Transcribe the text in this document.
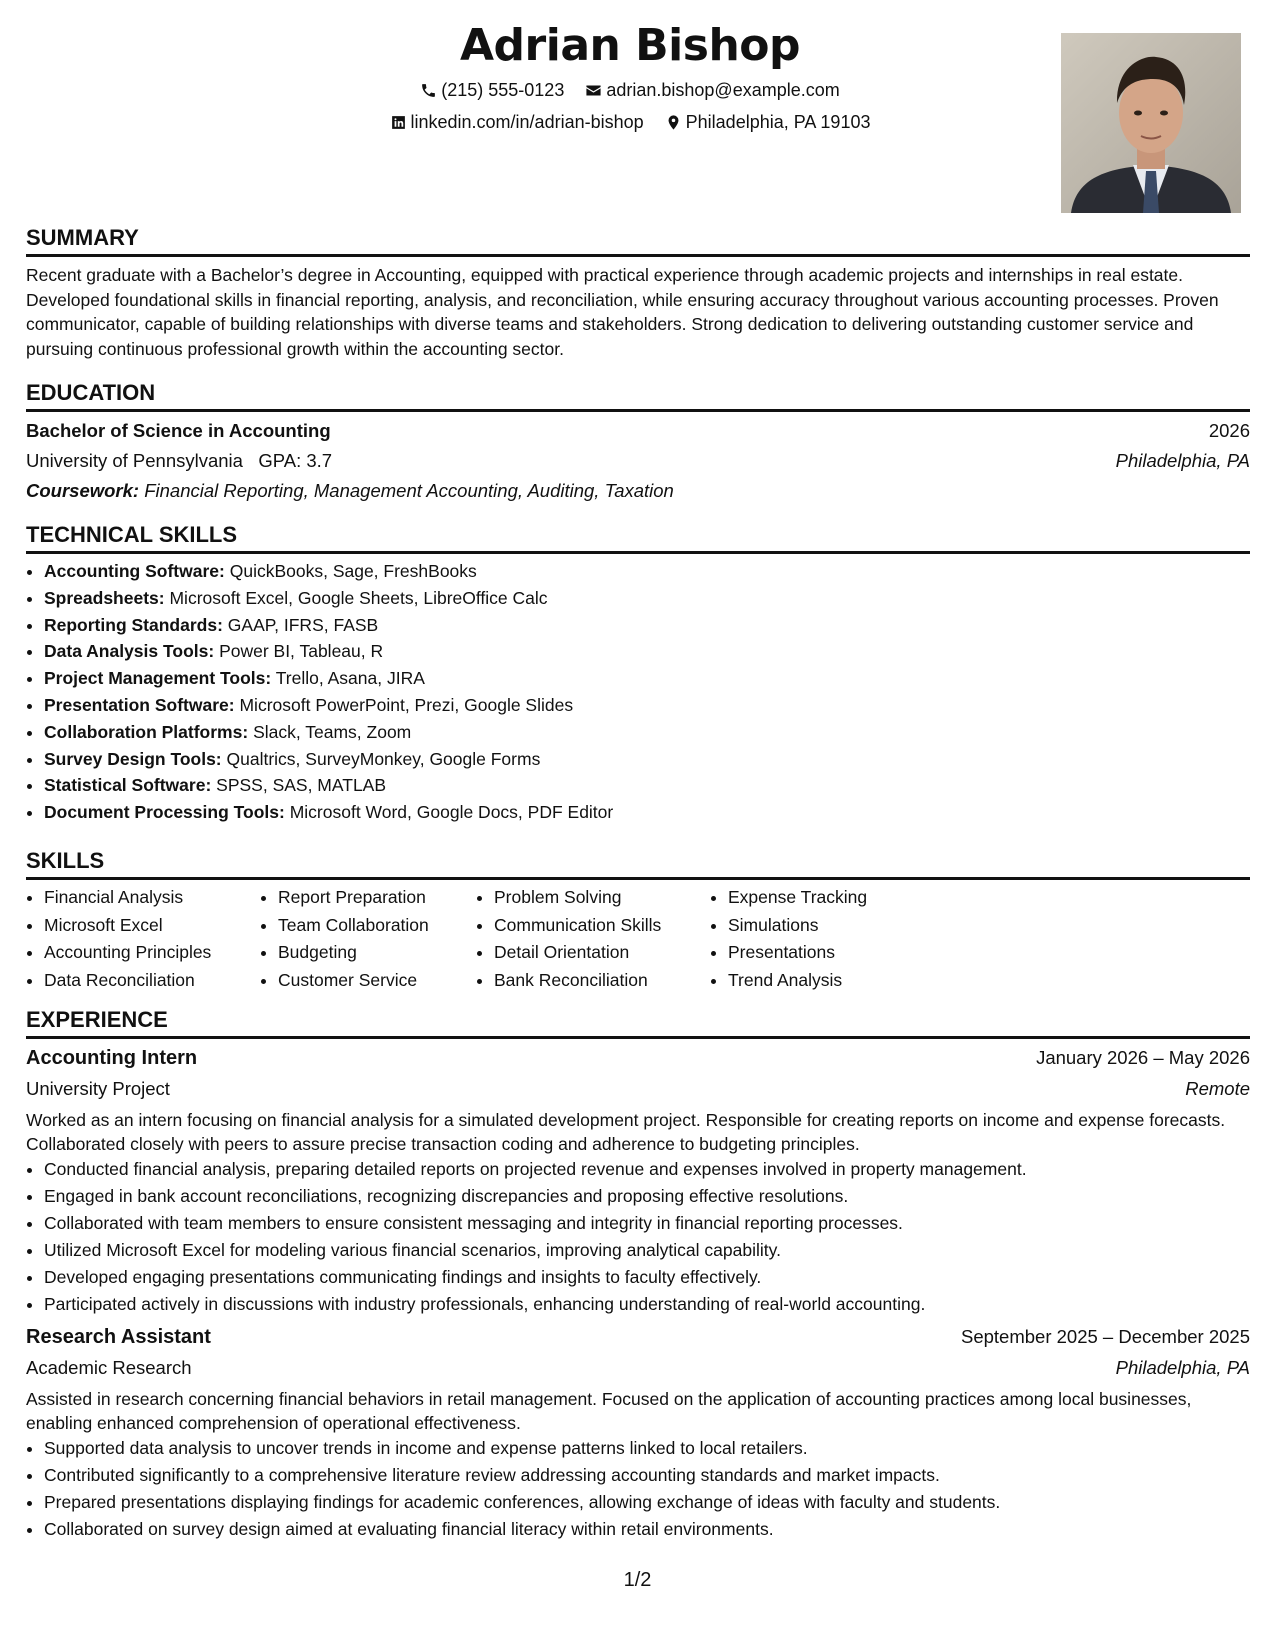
Adrian Bishop
(215) 555-0123
adrian.bishop@example.com
linkedin.com/in/adrian-bishop
Philadelphia, PA 19103
SUMMARY
Recent graduate with a Bachelor’s degree in Accounting, equipped with practical experience through academic projects and internships in real estate. Developed foundational skills in financial reporting, analysis, and reconciliation, while ensuring accuracy throughout various accounting processes. Proven communicator, capable of building relationships with diverse teams and stakeholders. Strong dedication to delivering outstanding customer service and pursuing continuous professional growth within the accounting sector.
EDUCATION
Bachelor of Science in Accounting	2026
University of Pennsylvania GPA: 3.7	Philadelphia, PA
Coursework: Financial Reporting, Management Accounting, Auditing, Taxation
TECHNICAL SKILLS
• Accounting Software: QuickBooks, Sage, FreshBooks
• Spreadsheets: Microsoft Excel, Google Sheets, LibreOffice Calc
• Reporting Standards: GAAP, IFRS, FASB
• Data Analysis Tools: Power BI, Tableau, R
• Project Management Tools: Trello, Asana, JIRA
• Presentation Software: Microsoft PowerPoint, Prezi, Google Slides
• Collaboration Platforms: Slack, Teams, Zoom
• Survey Design Tools: Qualtrics, SurveyMonkey, Google Forms
• Statistical Software: SPSS, SAS, MATLAB
• Document Processing Tools: Microsoft Word, Google Docs, PDF Editor
SKILLS
• Financial Analysis
• Microsoft Excel
• Accounting Principles
• Data Reconciliation
• Report Preparation
• Team Collaboration
• Budgeting
• Customer Service
• Problem Solving
• Communication Skills
• Detail Orientation
• Bank Reconciliation
• Expense Tracking
• Simulations
• Presentations
• Trend Analysis
EXPERIENCE
Accounting Intern	January 2026 – May 2026
University Project	Remote
Worked as an intern focusing on financial analysis for a simulated development project. Responsible for creating reports on income and expense forecasts. Collaborated closely with peers to assure precise transaction coding and adherence to budgeting principles.
• Conducted financial analysis, preparing detailed reports on projected revenue and expenses involved in property management.
• Engaged in bank account reconciliations, recognizing discrepancies and proposing effective resolutions.
• Collaborated with team members to ensure consistent messaging and integrity in financial reporting processes.
• Utilized Microsoft Excel for modeling various financial scenarios, improving analytical capability.
• Developed engaging presentations communicating findings and insights to faculty effectively.
• Participated actively in discussions with industry professionals, enhancing understanding of real-world accounting.
Research Assistant	September 2025 – December 2025
Academic Research	Philadelphia, PA
Assisted in research concerning financial behaviors in retail management. Focused on the application of accounting practices among local businesses, enabling enhanced comprehension of operational effectiveness.
• Supported data analysis to uncover trends in income and expense patterns linked to local retailers.
• Contributed significantly to a comprehensive literature review addressing accounting standards and market impacts.
• Prepared presentations displaying findings for academic conferences, allowing exchange of ideas with faculty and students.
• Collaborated on survey design aimed at evaluating financial literacy within retail environments.
1/2
